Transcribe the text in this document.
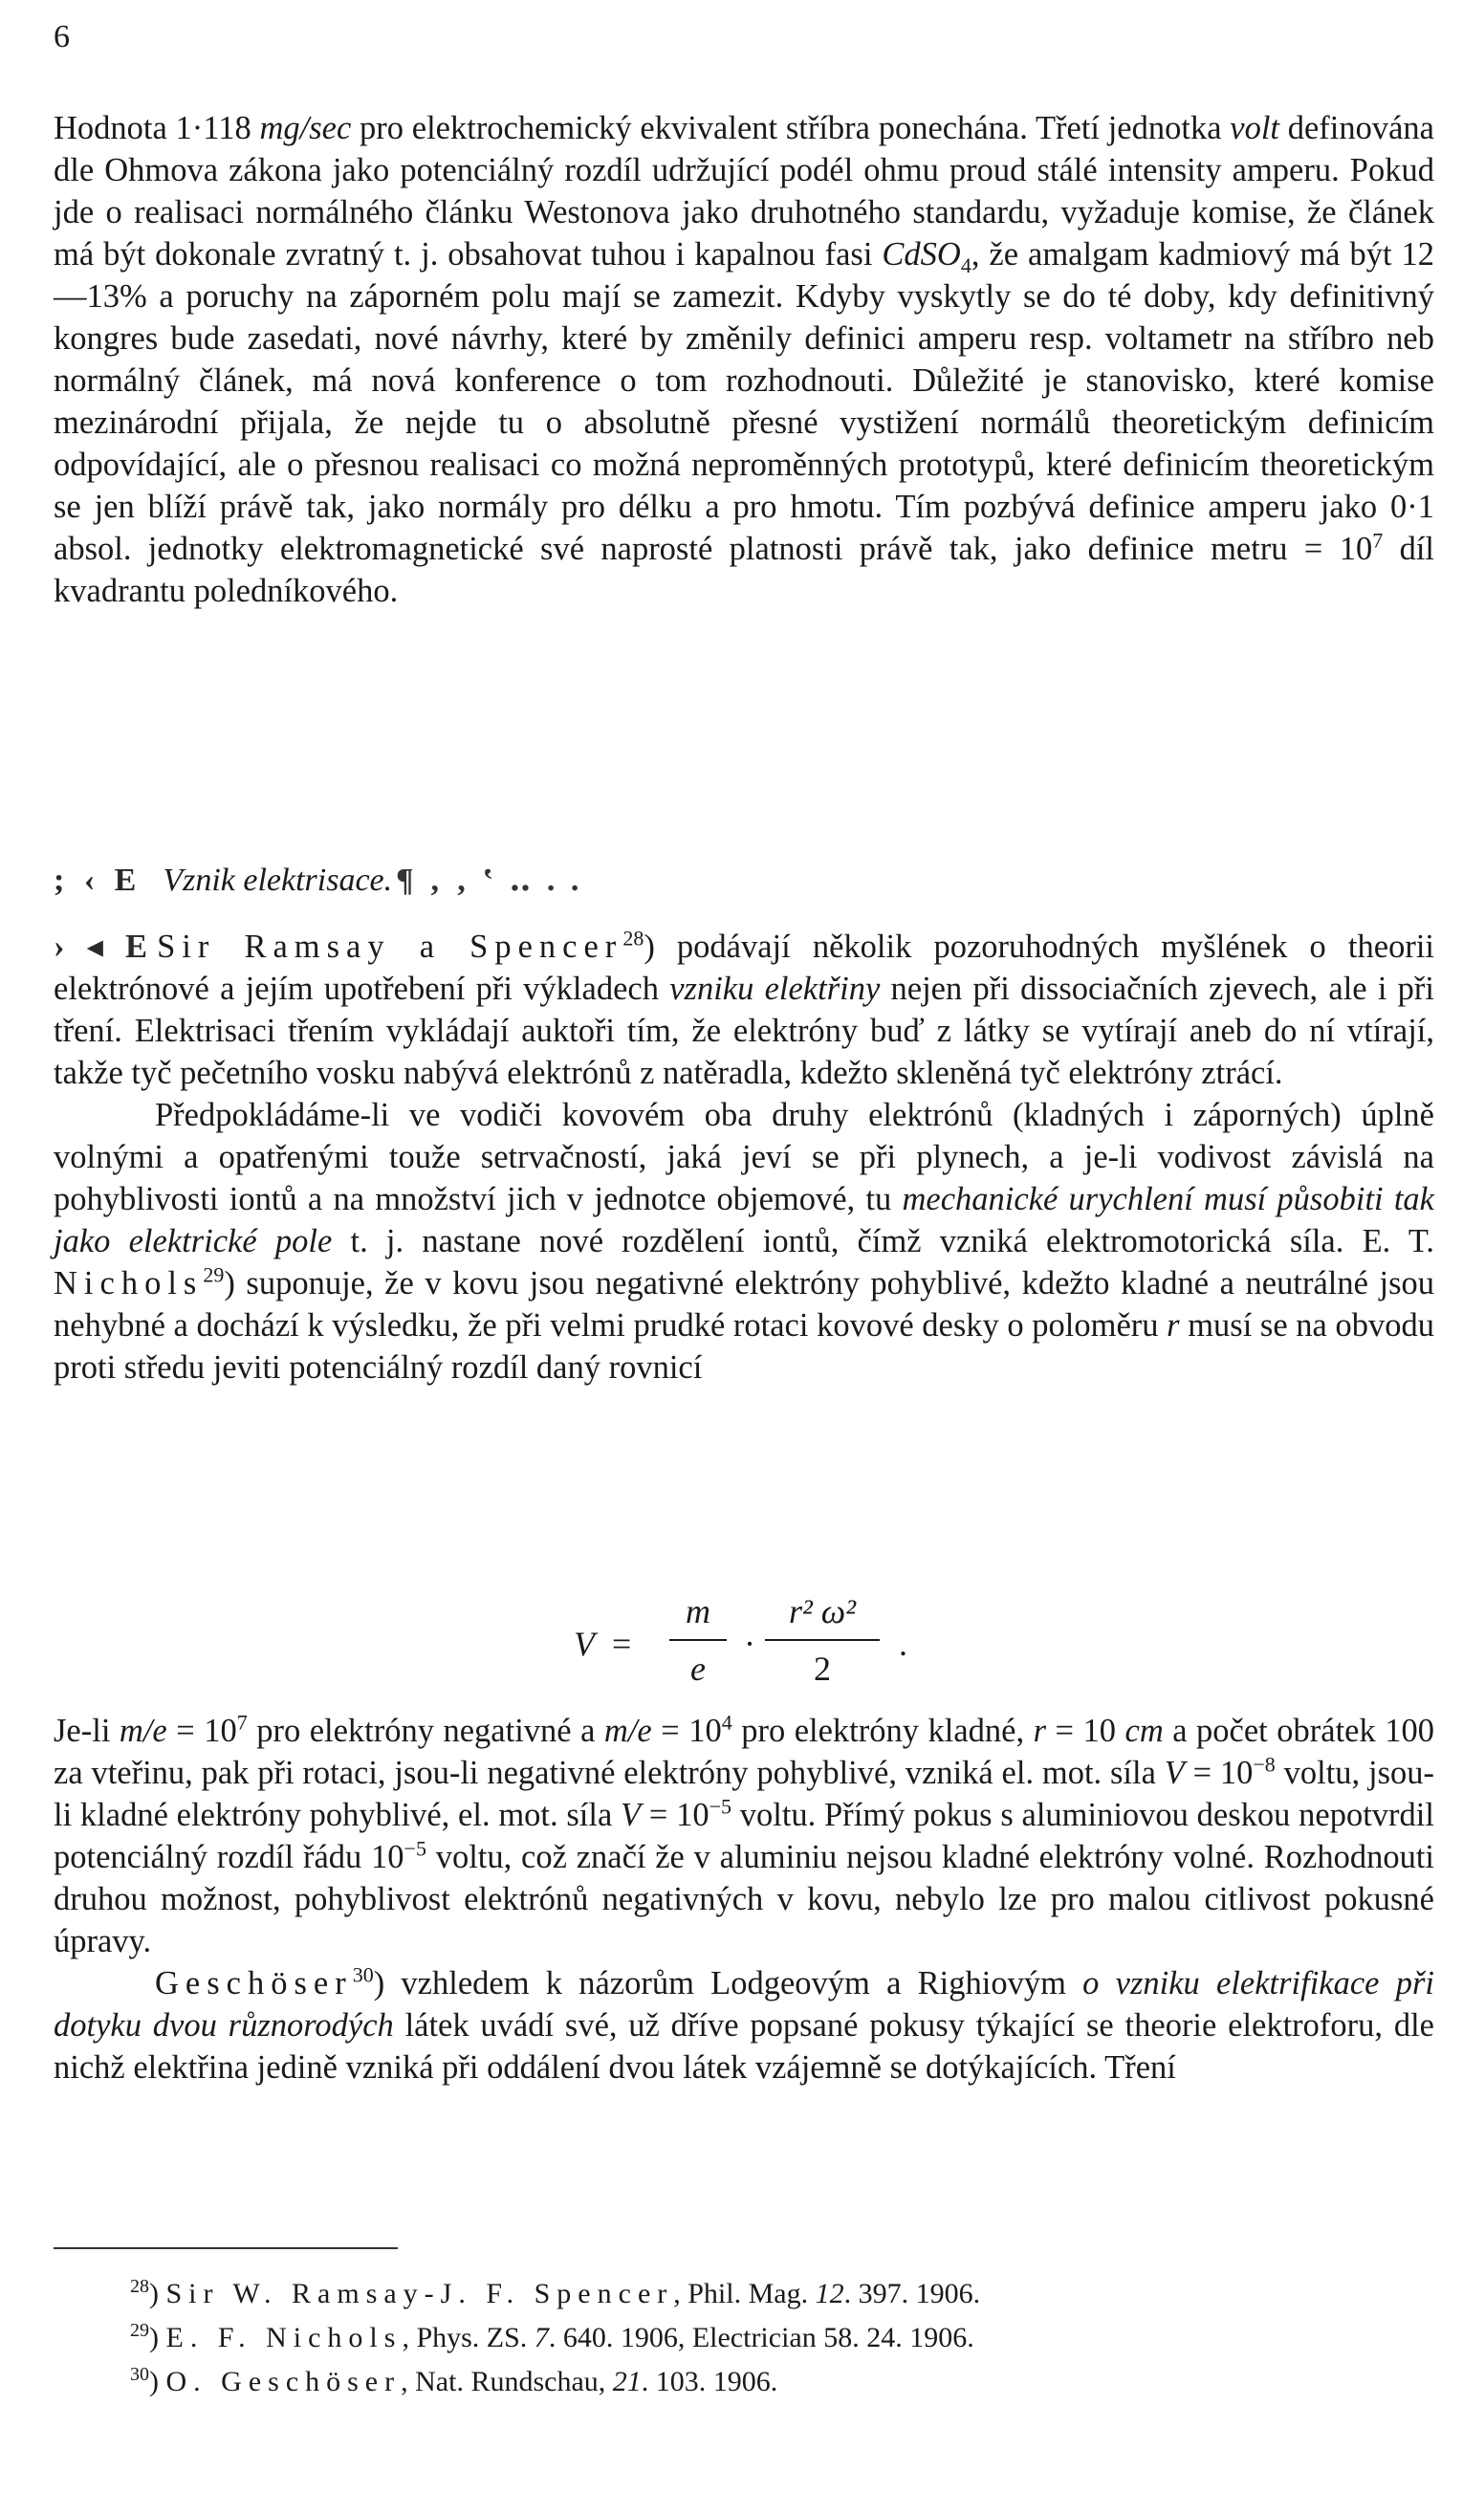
6

Hodnota 1·118 mg/sec pro elektrochemický ekvivalent stříbra ponechána. Třetí jednotka volt definována dle Ohmova zákona jako potenciálný rozdíl udržující podél ohmu proud stálé intensity amperu. Pokud jde o realisaci normálného článku Westonova jako druhotného standardu, vyžaduje komise, že článek má být dokonale zvratný t. j. obsahovat tuhou i kapalnou fasi CdSO$_4$, že amalgam kadmiový má být 12—13% a poruchy na záporném polu mají se zamezit. Kdyby vyskytly se do té doby, kdy definitivný kongres bude zasedati, nové návrhy, které by změnily definici amperu resp. voltametr na stříbro neb normálný článek, má nová konference o tom rozhodnouti. Důležité je stanovisko, které komise mezinárodní přijala, že nejde tu o absolutně přesné vystižení normálů theoretickým definicím odpovídající, ale o přesnou realisaci co možná neproměnných prototypů, které definicím theoretickým se jen blíží právě tak, jako normály pro délku a pro hmotu. Tím pozbývá definice amperu jako 0·1 absol. jednotky elektromagnetické své naprosté platnosti právě tak, jako definice metru = $10^7$ díl kvadrantu poledníkového.

; ‹ E Vznik elektrisace. ¶ ‚ ‚ ‛ ‥ . .

› ◂ E Sir Ramsay a Spencer$^{28}$) podávají několik pozoruhodných myšlének o theorii elektrónové a jejím upotřebení při výkladech vzniku elektřiny nejen při dissociačních zjevech, ale i při tření. Elektrisaci třením vykládají auktoři tím, že elektróny buď z látky se vytírají aneb do ní vtírají, takže tyč pečetního vosku nabývá elektrónů z natěradla, kdežto skleněná tyč elektróny ztrácí.

Předpokládáme-li ve vodiči kovovém oba druhy elektrónů (kladných i záporných) úplně volnými a opatřenými touže setrvačností, jaká jeví se při plynech, a je-li vodivost závislá na pohyblivosti iontů a na množství jich v jednotce objemové, tu mechanické urychlení musí působiti tak jako elektrické pole t. j. nastane nové rozdělení iontů, čímž vzniká elektromotorická síla. E. T. Nichols$^{29}$) suponuje, že v kovu jsou negativné elektróny pohyblivé, kdežto kladné a neutrálné jsou nehybné a dochází k výsledku, že při velmi prudké rotaci kovové desky o poloměru r musí se na obvodu proti středu jeviti potenciálný rozdíl daný rovnicí

V =
m
e
·
r² ω²
2
.

Je-li $m/e = 10^7$ pro elektróny negativné a $m/e = 10^4$ pro elektróny kladné, r = 10 cm a počet obrátek 100 za vteřinu, pak při rotaci, jsou-li negativné elektróny pohyblivé, vzniká el. mot. síla $V = 10^{-8}$ voltu, jsou-li kladné elektróny pohyblivé, el. mot. síla $V = 10^{-5}$ voltu. Přímý pokus s aluminiovou deskou nepotvrdil potenciálný rozdíl řádu $10^{-5}$ voltu, což značí že v aluminiu nejsou kladné elektróny volné. Rozhodnouti druhou možnost, pohyblivost elektrónů negativných v kovu, nebylo lze pro malou citlivost pokusné úpravy.

Geschöser$^{30}$) vzhledem k názorům Lodgeovým a Righiovým o vzniku elektrifikace při dotyku dvou různorodých látek uvádí své, už dříve popsané pokusy týkající se theorie elektroforu, dle nichž elektřina jedině vzniká při oddálení dvou látek vzájemně se dotýkajících. Tření

$^{28}$) Sir W. Ramsay-J. F. Spencer, Phil. Mag. 12. 397. 1906.
$^{29}$) E. F. Nichols, Phys. ZS. 7. 640. 1906, Electrician 58. 24. 1906.
$^{30}$) O. Geschöser, Nat. Rundschau, 21. 103. 1906.
